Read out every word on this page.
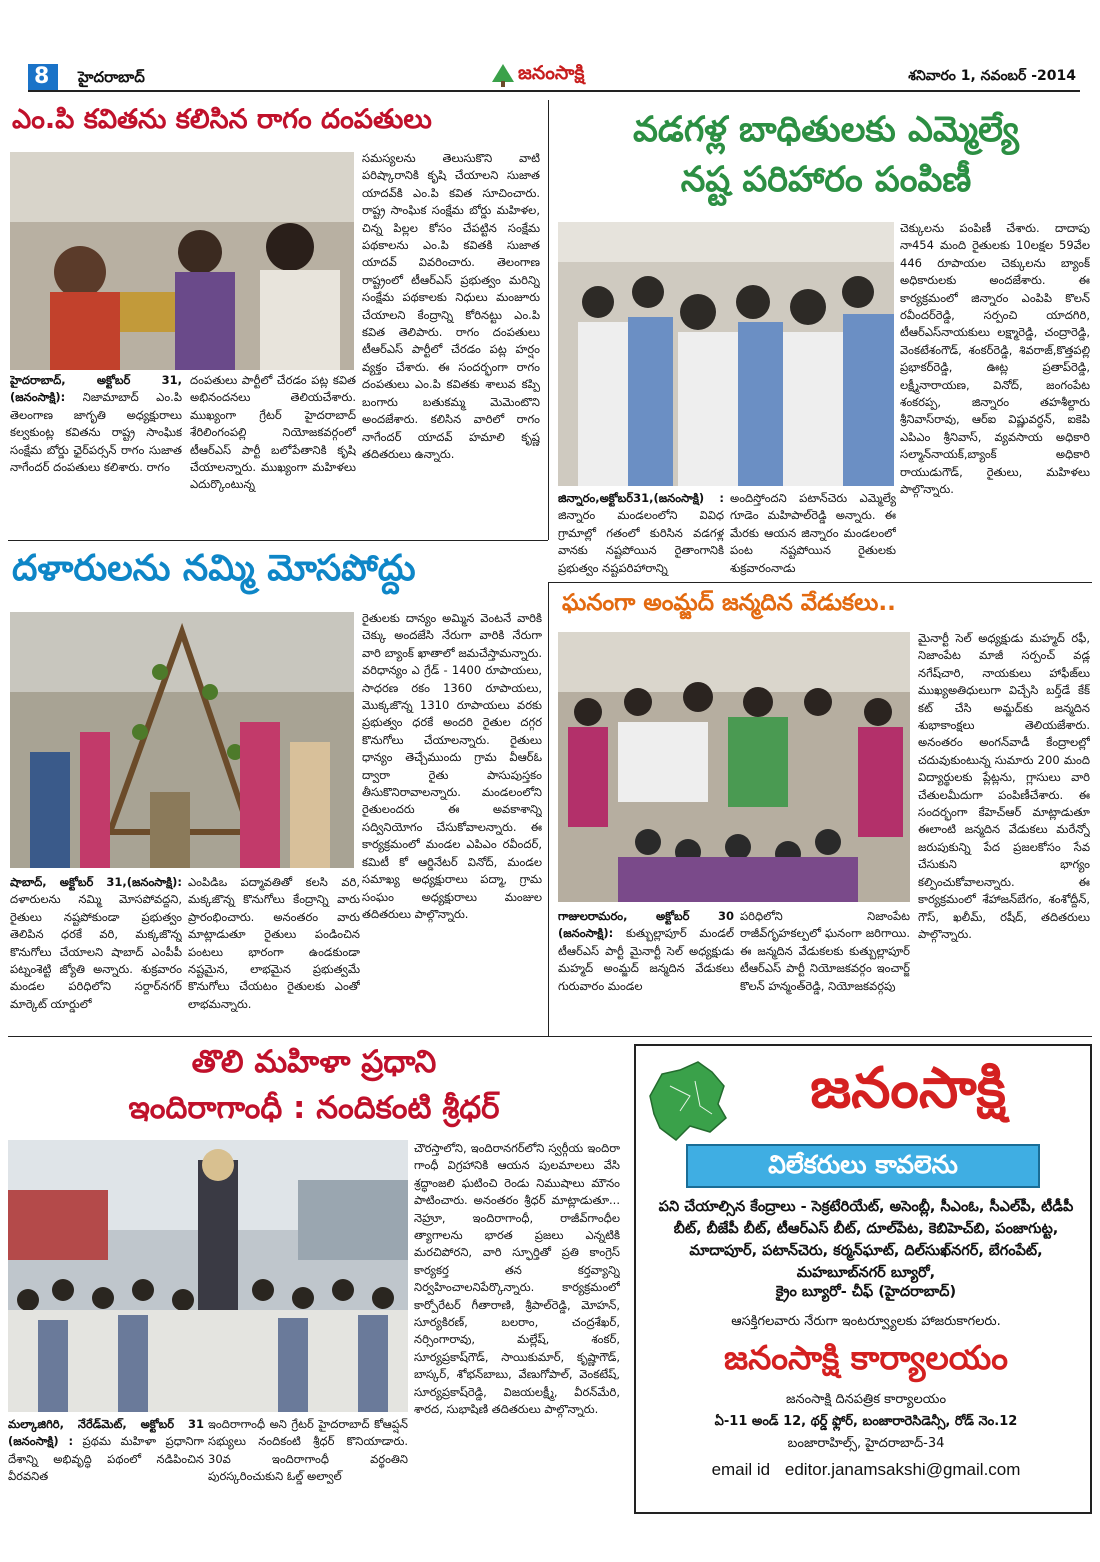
8 హైదరాబాద్	జనంసాక్షి	శనివారం 1, నవంబర్ -2014
ఎం.పి కవితను కలిసిన రాగం దంపతులు
హైదరాబాద్, అక్టోబర్ 31,(జనంసాక్షి): నిజామాబాద్ ఎం.పి తెలంగాణ జాగృతి అధ్యక్షురాలు కల్వకుంట్ల కవితను రాష్ట్ర సాంఘిక సంక్షేమ బోర్డు ఛైర్‌పర్సన్‌ రాగం సుజాత నాగేందర్‌ దంపతులు కలిశారు. రాగం
దంపతులు పార్టీలో చేరడం పట్ల కవిత అభినందనలు తెలియచేశారు. ముఖ్యంగా గ్రేటర్‌ హైదరాబాద్‌ శేరిలింగంపల్లి నియోజకవర్గంలో టీఆర్‌ఎస్‌ పార్టీ బలోపేతానికి కృషి చేయాలన్నారు. ముఖ్యంగా మహిళలు ఎదుర్కొంటున్న
సమస్యలను తెలుసుకొని వాటి పరిష్కారానికి కృషి చేయాలని సుజాత యాదవ్‌కి ఎం.పి కవిత సూచించారు. రాష్ట్ర సాంఘిక సంక్షేమ బోర్డు మహిళల, చిన్న పిల్లల కోసం చేపట్టిన సంక్షేమ పథకాలను ఎం.పి కవితకి సుజాత యాదవ్‌ వివరించారు. తెలంగాణ రాష్ట్రంలో టీఆర్‌ఎస్‌ ప్రభుత్వం మరిన్ని సంక్షేమ పథకాలకు నిధులు మంజూరు చేయాలని కేంద్రాన్ని కోరినట్టు ఎం.పి కవిత తెలిపారు. రాగం దంపతులు టీఆర్‌ఎస్‌ పార్టీలో చేరడం పట్ల హర్షం వ్యక్తం చేశారు. ఈ సందర్భంగా రాగం దంపతులు ఎం.పి కవితకు శాలువ కప్పి బంగారు బతుకమ్మ మెమెంటొని అందజేశారు. కలిసిన వారిలో రాగం నాగేందర్‌ యాదవ్‌ హమాలి కృష్ణ తదితరులు ఉన్నారు.
వడగళ్ల బాధితులకు ఎమ్మెల్యే
నష్ట పరిహారం పంపిణీ
జిన్నారం,అక్టోబర్‌31,(జనంసాక్షి) : జిన్నారం మండలంలోని వివిధ గ్రామాల్లో గతంలో కురిసిన వడగళ్ల వానకు నష్టపోయిన రైతాంగానికి ప్రభుత్వం నష్టపరిహారాన్ని
అందిస్తోందని పటాన్‌చెరు ఎమ్మెల్యే గూడెం మహిపాల్‌రెడ్డి అన్నారు. ఈ మేరకు ఆయన జిన్నారం మండలంలో పంట నష్టపోయిన రైతులకు శుక్రవారంనాడు
చెక్కులను పంపిణీ చేశారు. దాదాపు నా454 మంది రైతులకు 10లక్షల 59వేల 446 రూపాయల చెక్కులను బ్యాంక్‌ అధికారులకు అందజేశారు. ఈ కార్యక్రమంలో జిన్నారం ఎంపిపి కొలన్‌ రవీందర్‌రెడ్డి, సర్పంచి యాదగిరి, టీఆర్‌ఎస్‌నాయకులు లక్ష్మారెడ్డి, చంద్రారెడ్డి, వెంకటేశంగౌడ్‌, శంకర్‌రెడ్డి, శివరాజ్‌,కొత్తపల్లి ప్రభాకర్‌రెడ్డి, ఊట్ల ప్రతాప్‌రెడ్డి, లక్ష్మీనారాయణ, వినోద్‌, జంగంపేట శంకరప్ప, జిన్నారం తహశీల్దారు శ్రీనివాస్‌రావు, ఆర్‌ఐ విష్ణువర్ధన్‌, ఐకెపి ఎపిఎం శ్రీనివాస్‌, వ్యవసాయ అధికారి సల్మాన్‌నాయక్‌,బ్యాంక్‌ అధికారి రాయుడుగౌడ్‌, రైతులు, మహిళలు పాల్గొన్నారు.
దళారులను నమ్మి మోసపోద్దు
షాబాద్‌, అక్టోబర్‌ 31,(జనంసాక్షి): దళారులను నమ్మి మోసపోవద్దని, రైతులు నష్టపోకుండా ప్రభుత్వం తెలిపిన ధరకే వరి, మక్కజొన్న కొనుగోలు చేయాలని షాబాద్‌ ఎంపీపీ పట్నంశెట్టి జ్యోతి అన్నారు. శుక్రవారం మండల పరిధిలోని సర్దార్‌నగర్‌ మార్కెట్‌ యార్డులో
ఎంపిడిఒ పద్మావతితో కలసి వరి, మక్కజొన్న కొనుగోలు కేంద్రాన్ని వారు ప్రారంభించారు. అనంతరం వారు మాట్లాడుతూ రైతులు పండించిన పంటలు భారంగా ఉండకుండా నష్టమైన, లాభమైన ప్రభుత్వమే కొనుగోలు చేయటం రైతులకు ఎంతో లాభమన్నారు.
రైతులకు దాన్యం అమ్మిన వెంటనే వారికి చెక్కు అందజేసి నేరుగా వారికి నేరుగా వారి బ్యాంక్‌ ఖాతాలో జమచేస్తామన్నారు. వరిధాన్యం ఎ గ్రేడ్‌ - 1400 రూపాయలు, సాధరణ రకం 1360 రూపాయలు, మొక్కజొన్న 1310 రూపాయలు వరకు ప్రభుత్వం ధరకే అందరి రైతుల దగ్గర కొనుగోలు చేయాలన్నారు. రైతులు ధాన్యం తెచ్చేముందు గ్రామ వీఆర్‌ఓ ద్వారా రైతు పాసుపుస్తకం తీసుకొనిరావాలన్నారు. మండలంలోని రైతులందరు ఈ అవకాశాన్ని సద్వినియోగం చేసుకోవాలన్నారు. ఈ కార్యక్రమంలో మండల ఎపిఎం రవీందర్‌, కమిటీ కో ఆర్డినేటర్‌ వినోద్‌, మండల సమాఖ్య అధ్యక్షురాలు పద్మా, గ్రామ సంఘం అధ్యక్షురాలు మంజుల తదితరులు పాల్గొన్నారు.
ఘనంగా అంమ్జద్‌ జన్మదిన వేడుకలు..
గాజులరామరం, అక్టోబర్‌ 30 (జనంసాక్షి): కుత్బుల్లాపూర్‌ మండల్‌ టీఆర్‌ఎస్‌ పార్టీ మైనార్టీ సెల్‌ అధ్యక్షుడు మహ్మద్‌ అంమ్జద్‌ జన్మదిన వేడుకలు గురువారం మండల
పరిధిలోని నిజాంపేట రాజీవ్‌గృహకల్పలో ఘనంగా జరిగాయి. ఈ జన్మదిన వేడుకలకు కుత్బుల్లాపూర్‌ టీఆర్‌ఎస్‌ పార్టీ నియోజకవర్గం ఇంచార్జ్‌ కొలన్‌ హన్మంత్‌రెడ్డి, నియోజకవర్గపు
మైనార్టీ సెల్‌ అధ్యక్షుడు మహ్మద్‌ రఫీ, నిజాంపేట మాజీ సర్పంచ్‌ వడ్ల నగేష్‌చారి, నాయకులు హాఫీజ్‌లు ముఖ్యఅతిధులుగా విచ్చేసి బర్త్‌డే కేక్‌ కట్‌ చేసి అమ్జద్‌కు జన్మదిన శుభాకాంక్షలు తెలియజేశారు. అనంతరం అంగన్‌వాడీ కేంద్రాలల్లో చదువుకుంటున్న సుమారు 200 మంది విద్యార్థులకు ప్లేట్లను, గ్లాసులు వారి చేతులమీదుగా పంపిణీచేశారు. ఈ సందర్భంగా కేహెచ్‌ఆర్‌ మాట్లాడుతూ ఈలాంటి జన్మదిన వేడుకలు మరేన్నో జరుపుకున్ని పేద ప్రజలకోసం సేవ చేసుకుని భాగ్యం కల్పించుకోవాలన్నారు. ఈ కార్యక్రమంలో శేహాజన్‌బేగం, శంశోద్దీన్‌, గౌస్‌, ఖలీమ్‌, రషీద్‌, తదితరులు పాల్గొన్నారు.
తొలి మహిళా ప్రధాని
ఇందిరాగాంధీ : నందికంటి శ్రీధర్‌
మల్కాజిగిరి, నేరేడ్‌మెట్‌, అక్టోబర్‌ 31 (జనంసాక్షి) : ప్రథమ మహిళా ప్రధానిగా దేశాన్ని అభివృద్ధి పథంలో నడిపించిన వీరవనిత
ఇందిరాగాంధీ అని గ్రేటర్‌ హైదరాబాద్‌ కోఆప్షన్‌ సభ్యులు నందికంటి శ్రీధర్‌ కొనియాడారు. 30వ ఇందిరాగాంధీ వర్థంతిని పురస్కరించుకుని ఓల్డ్‌ అల్వాల్‌
చౌరస్తాలోని, ఇందిరానగర్‌లోని స్వర్గీయ ఇందిరా గాంధీ విగ్రహానికి ఆయన పులమాలలు వేసి శ్రద్ధాంజలి ఘటించి రెండు నిముషాలు మౌనం పాటించారు. అనంతరం శ్రీధర్‌ మాట్లాడుతూ... నెహ్రూ, ఇందిరాగాంధీ, రాజీవ్‌గాంధీల త్యాగాలను భారత ప్రజలు ఎన్నటికి మరచిపోరని, వారి స్ఫూర్తితో ప్రతి కాంగ్రెస్‌ కార్యకర్త తన కర్తవ్యాన్ని నిర్వహించాలనిపేర్కొన్నారు. కార్యక్రమంలో కార్పోరేటర్‌ గీతారాణి, శ్రీపాల్‌రెడ్డి, మోహన్‌, సూర్యకిరణ్‌, బలరాం, చంద్రశేఖర్‌, నర్సింగారావు, మల్లేష్‌, శంకర్‌, సూర్యప్రకాష్‌గౌడ్‌, సాయికుమార్‌, కృష్ణాగౌడ్‌, బాస్కర్‌, శోభన్‌బాబు, వేణుగోపాల్‌, వెంకటేష్‌, సూర్యప్రకాష్‌రెడ్డి, విజయలక్ష్మీ, వీరన్‌మేరి, శారద, సుభాషిణి తదితరులు పాల్గొన్నారు.
జనంసాక్షి
విలేకరులు కావలెను
పని చేయాల్సిన కేంద్రాలు - సెక్రటేరియేట్‌, అసెంబ్లీ, సీఎంఓ, సీఎల్‌పీ, టీడీపీ బీట్‌, బీజేపీ బీట్‌, టీఆర్‌ఎస్‌ బీట్‌, దూల్‌పేట, కెబిహెచ్‌బి, పంజాగుట్ట, మాదాపూర్‌, పటాన్‌చెరు, కర్మన్‌ఘాట్‌, దిల్‌సుఖ్‌నగర్‌, బేగంపేట్‌, మహబూబ్‌నగర్‌ బ్యూరో,
క్రైం బ్యూరో- చీఫ్‌ (హైదరాబాద్‌)
ఆసక్తిగలవారు నేరుగా ఇంటర్వ్యూలకు హాజరుకాగలరు.
జనంసాక్షి కార్యాలయం
జనంసాక్షి దినపత్రిక కార్యాలయం
ఏ-11 అండ్‌ 12, థర్డ్‌ ఫ్లోర్‌, బంజారారెసిడెన్సీ, రోడ్‌ నెం.12
బంజారాహిల్స్‌, హైదరాబాద్‌-34
email id editor.janamsakshi@gmail.com
